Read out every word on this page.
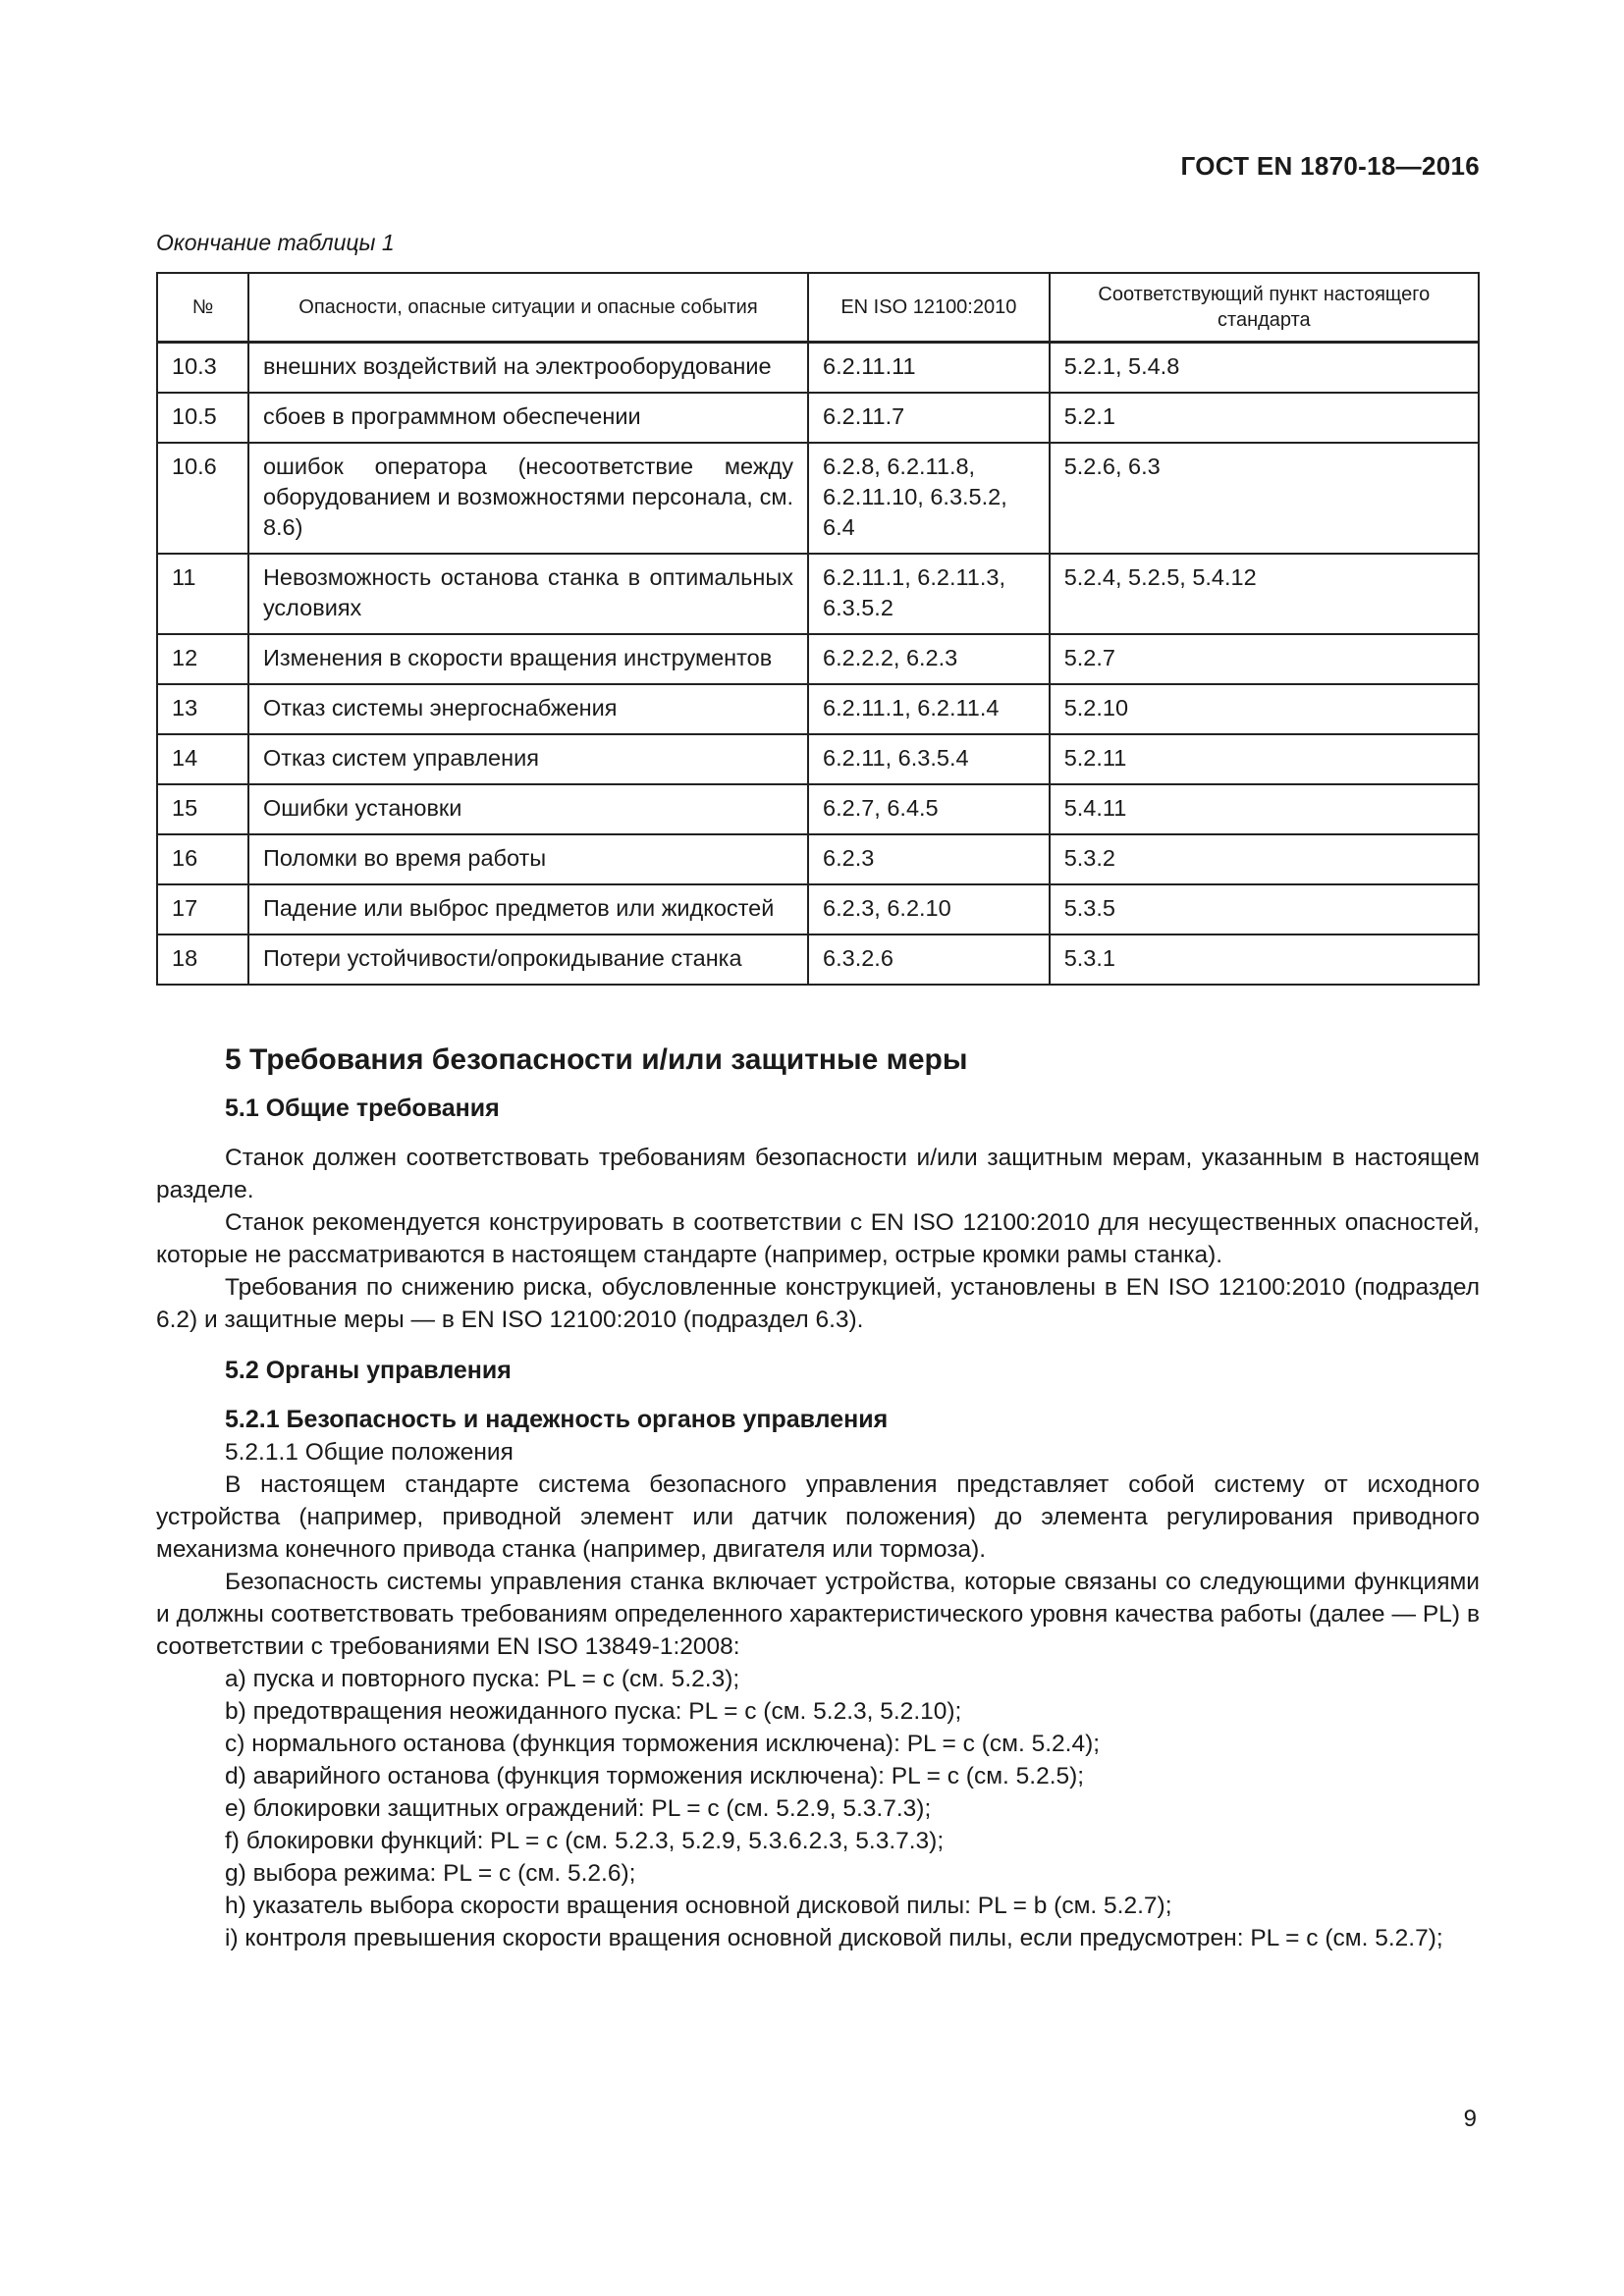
ГОСТ EN 1870-18—2016
Окончание таблицы 1
№	Опасности, опасные ситуации и опасные события	EN ISO 12100:2010	Соответствующий пункт настоящего стандарта
10.3	внешних воздействий на электрооборудование	6.2.11.11	5.2.1, 5.4.8
10.5	сбоев в программном обеспечении	6.2.11.7	5.2.1
10.6	ошибок оператора (несоответствие между оборудованием и возможностями персонала, см. 8.6)	6.2.8, 6.2.11.8, 6.2.11.10, 6.3.5.2, 6.4	5.2.6, 6.3
11	Невозможность останова станка в оптимальных условиях	6.2.11.1, 6.2.11.3, 6.3.5.2	5.2.4, 5.2.5, 5.4.12
12	Изменения в скорости вращения инструментов	6.2.2.2, 6.2.3	5.2.7
13	Отказ системы энергоснабжения	6.2.11.1, 6.2.11.4	5.2.10
14	Отказ систем управления	6.2.11, 6.3.5.4	5.2.11
15	Ошибки установки	6.2.7, 6.4.5	5.4.11
16	Поломки во время работы	6.2.3	5.3.2
17	Падение или выброс предметов или жидкостей	6.2.3, 6.2.10	5.3.5
18	Потери устойчивости/опрокидывание станка	6.3.2.6	5.3.1
5 Требования безопасности и/или защитные меры
5.1 Общие требования

Станок должен соответствовать требованиям безопасности и/или защитным мерам, указанным в настоящем разделе.

Станок рекомендуется конструировать в соответствии с EN ISO 12100:2010 для несущественных опасностей, которые не рассматриваются в настоящем стандарте (например, острые кромки рамы станка).

Требования по снижению риска, обусловленные конструкцией, установлены в EN ISO 12100:2010 (подраздел 6.2) и защитные меры — в EN ISO 12100:2010 (подраздел 6.3).

5.2 Органы управления
5.2.1 Безопасность и надежность органов управления

5.2.1.1 Общие положения

В настоящем стандарте система безопасного управления представляет собой систему от исходного устройства (например, приводной элемент или датчик положения) до элемента регулирования приводного механизма конечного привода станка (например, двигателя или тормоза).

Безопасность системы управления станка включает устройства, которые связаны со следующими функциями и должны соответствовать требованиям определенного характеристического уровня качества работы (далее — PL) в соответствии с требованиями EN ISO 13849-1:2008:

a) пуска и повторного пуска: PL = c (см. 5.2.3);

b) предотвращения неожиданного пуска: PL = c (см. 5.2.3, 5.2.10);

c) нормального останова (функция торможения исключена): PL = c (см. 5.2.4);

d) аварийного останова (функция торможения исключена): PL = c (см. 5.2.5);

e) блокировки защитных ограждений: PL = c (см. 5.2.9, 5.3.7.3);

f) блокировки функций: PL = c (см. 5.2.3, 5.2.9, 5.3.6.2.3, 5.3.7.3);

g) выбора режима: PL = c (см. 5.2.6);

h) указатель выбора скорости вращения основной дисковой пилы: PL = b (см. 5.2.7);

i) контроля превышения скорости вращения основной дисковой пилы, если предусмотрен: PL = c (см. 5.2.7);

9
